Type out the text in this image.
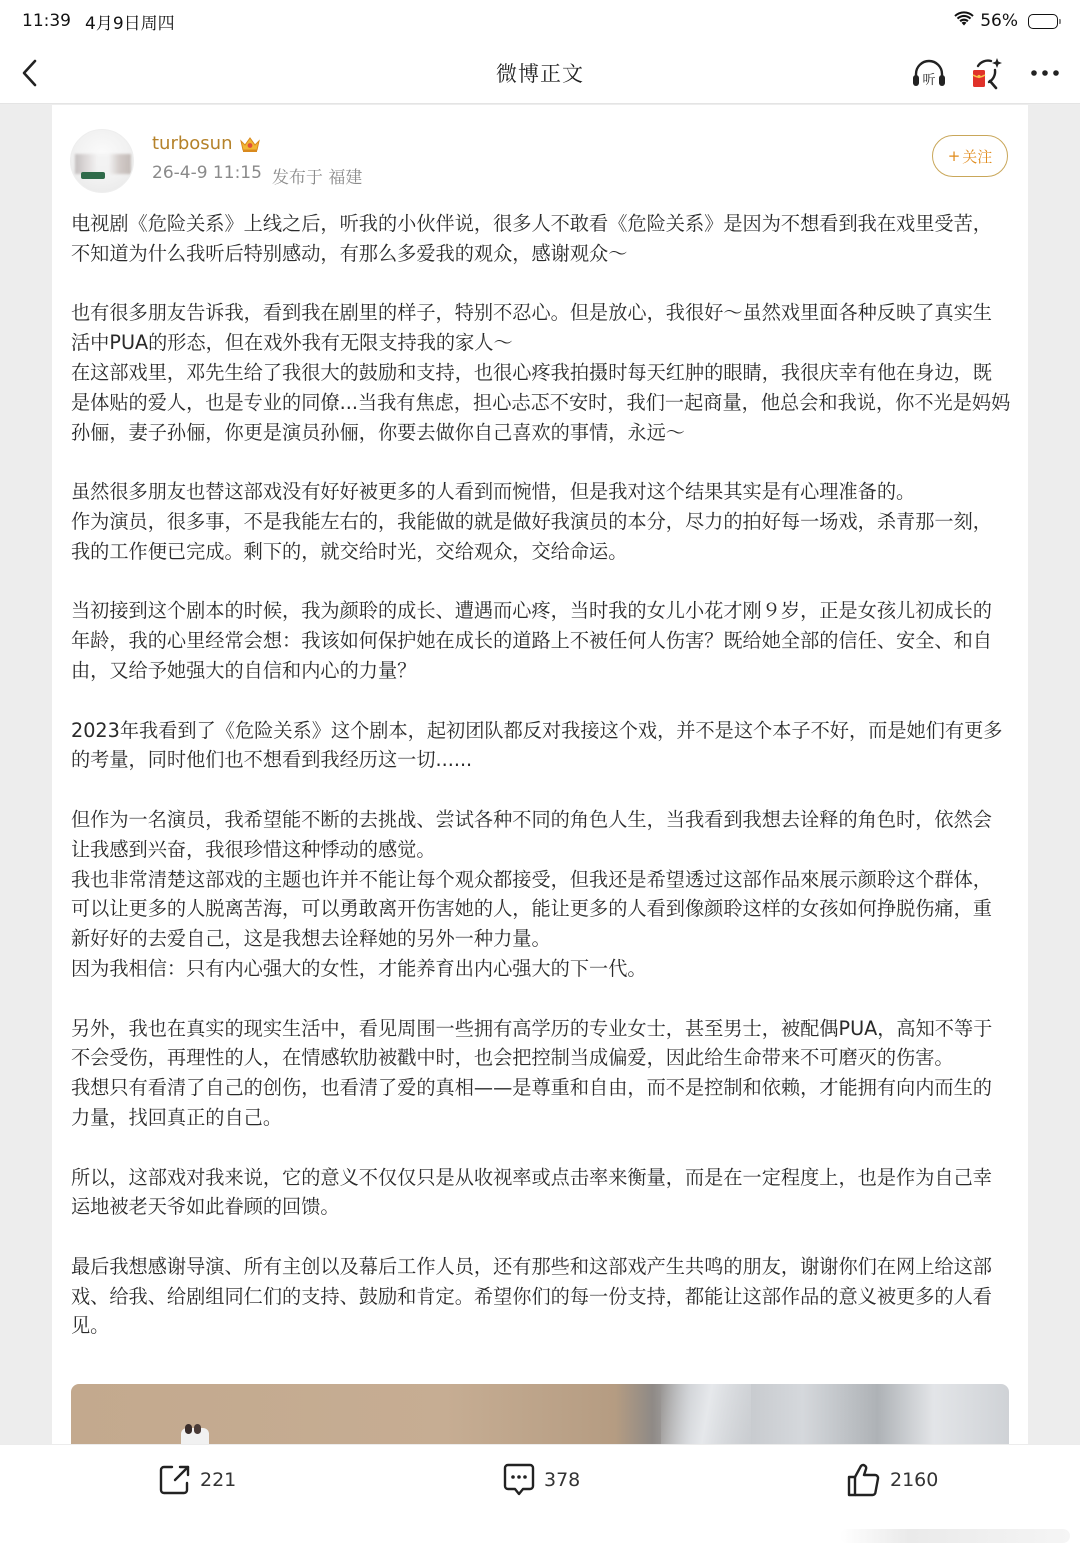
11:39 4月9日周四	56%
微博正文	听
turbosun
26-4-9 11:15 发布于 福建
+ 关注

电视剧《危险关系》上线之后，听我的小伙伴说，很多人不敢看《危险关系》是因为不想看到我在戏里受苦，不知道为什么我听后特别感动，有那么多爱我的观众，感谢观众～

也有很多朋友告诉我，看到我在剧里的样子，特别不忍心。但是放心，我很好～虽然戏里面各种反映了真实生活中PUA的形态，但在戏外我有无限支持我的家人～

在这部戏里，邓先生给了我很大的鼓励和支持，也很心疼我拍摄时每天红肿的眼睛，我很庆幸有他在身边，既是体贴的爱人，也是专业的同僚...当我有焦虑，担心忐忑不安时，我们一起商量，他总会和我说，你不光是妈妈孙俪，妻子孙俪，你更是演员孙俪，你要去做你自己喜欢的事情，永远～

虽然很多朋友也替这部戏没有好好被更多的人看到而惋惜，但是我对这个结果其实是有心理准备的。

作为演员，很多事，不是我能左右的，我能做的就是做好我演员的本分，尽力的拍好每一场戏，杀青那一刻，我的工作便已完成。剩下的，就交给时光，交给观众，交给命运。

当初接到这个剧本的时候，我为颜聆的成长、遭遇而心疼，当时我的女儿小花才刚９岁，正是女孩儿初成长的年龄，我的心里经常会想：我该如何保护她在成长的道路上不被任何人伤害？既给她全部的信任、安全、和自由，又给予她强大的自信和内心的力量？

2023年我看到了《危险关系》这个剧本，起初团队都反对我接这个戏，并不是这个本子不好，而是她们有更多的考量，同时他们也不想看到我经历这一切......

但作为一名演员，我希望能不断的去挑战、尝试各种不同的角色人生，当我看到我想去诠释的角色时，依然会让我感到兴奋，我很珍惜这种悸动的感觉。

我也非常清楚这部戏的主题也许并不能让每个观众都接受，但我还是希望透过这部作品來展示颜聆这个群体，可以让更多的人脱离苦海，可以勇敢离开伤害她的人，能让更多的人看到像颜聆这样的女孩如何挣脱伤痛，重新好好的去爱自己，这是我想去诠释她的另外一种力量。

因为我相信：只有内心强大的女性，才能养育出内心强大的下一代。

另外，我也在真实的现实生活中，看见周围一些拥有高学历的专业女士，甚至男士，被配偶PUA，高知不等于不会受伤，再理性的人，在情感软肋被戳中时，也会把控制当成偏爱，因此给生命带来不可磨灭的伤害。

我想只有看清了自己的创伤，也看清了爱的真相——是尊重和自由，而不是控制和依赖，才能拥有向内而生的力量，找回真正的自己。

所以，这部戏对我来说，它的意义不仅仅只是从收视率或点击率来衡量，而是在一定程度上，也是作为自己幸运地被老天爷如此眷顾的回馈。

最后我想感谢导演、所有主创以及幕后工作人员，还有那些和这部戏产生共鸣的朋友，谢谢你们在网上给这部戏、给我、给剧组同仁们的支持、鼓励和肯定。希望你们的每一份支持，都能让这部作品的意义被更多的人看见。

221	378	2160
